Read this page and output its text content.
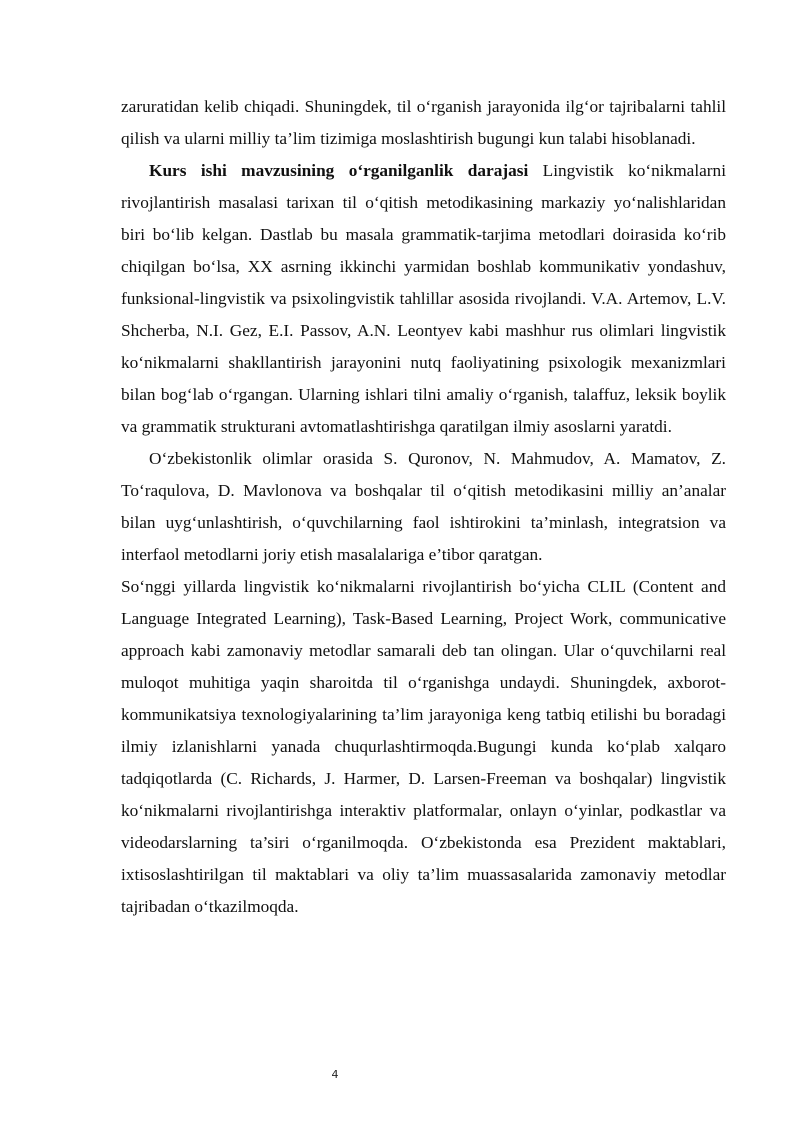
zaruratidan kelib chiqadi. Shuningdek, til o‘rganish jarayonida ilg‘or tajribalarni tahlil qilish va ularni milliy ta’lim tizimiga moslashtirish bugungi kun talabi hisoblanadi.

Kurs ishi mavzusining o‘rganilganlik darajasi Lingvistik ko‘nikmalarni rivojlantirish masalasi tarixan til o‘qitish metodikasining markaziy yo‘nalishlaridan biri bo‘lib kelgan. Dastlab bu masala grammatik-tarjima metodlari doirasida ko‘rib chiqilgan bo‘lsa, XX asrning ikkinchi yarmidan boshlab kommunikativ yondashuv, funksional-lingvistik va psixolingvistik tahlillar asosida rivojlandi. V.A. Artemov, L.V. Shcherba, N.I. Gez, E.I. Passov, A.N. Leontyev kabi mashhur rus olimlari lingvistik ko‘nikmalarni shakllantirish jarayonini nutq faoliyatining psixologik mexanizmlari bilan bog‘lab o‘rgangan. Ularning ishlari tilni amaliy o‘rganish, talaffuz, leksik boylik va grammatik strukturani avtomatlashtirishga qaratilgan ilmiy asoslarni yaratdi.

O‘zbekistonlik olimlar orasida S. Quronov, N. Mahmudov, A. Mamatov, Z. To‘raqulova, D. Mavlonova va boshqalar til o‘qitish metodikasini milliy an’analar bilan uyg‘unlashtirish, o‘quvchilarning faol ishtirokini ta’minlash, integratsion va interfaol metodlarni joriy etish masalalariga e’tibor qaratgan.

So‘nggi yillarda lingvistik ko‘nikmalarni rivojlantirish bo‘yicha CLIL (Content and Language Integrated Learning), Task-Based Learning, Project Work, communicative approach kabi zamonaviy metodlar samarali deb tan olingan. Ular o‘quvchilarni real muloqot muhitiga yaqin sharoitda til o‘rganishga undaydi. Shuningdek, axborot-kommunikatsiya texnologiyalarining ta’lim jarayoniga keng tatbiq etilishi bu boradagi ilmiy izlanishlarni yanada chuqurlashtirmoqda.Bugungi kunda ko‘plab xalqaro tadqiqotlarda (C. Richards, J. Harmer, D. Larsen-Freeman va boshqalar) lingvistik ko‘nikmalarni rivojlantirishga interaktiv platformalar, onlayn o‘yinlar, podkastlar va videodarslarning ta’siri o‘rganilmoqda. O‘zbekistonda esa Prezident maktablari, ixtisoslashtirilgan til maktablari va oliy ta’lim muassasalarida zamonaviy metodlar tajribadan o‘tkazilmoqda.

4
